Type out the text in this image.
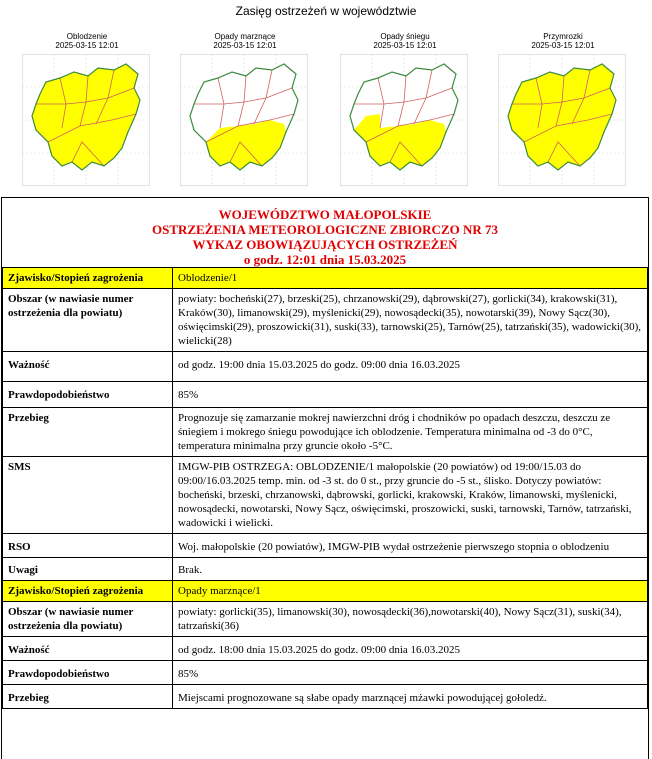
Zasięg ostrzeżeń w województwie
Oblodzenie
2025-03-15 12:01
Opady marznące
2025-03-15 12:01
Opady śniegu
2025-03-15 12:01
Przymrozki
2025-03-15 12:01
WOJEWÓDZTWO MAŁOPOLSKIE
OSTRZEŻENIA METEOROLOGICZNE ZBIORCZO NR 73
WYKAZ OBOWIĄZUJĄCYCH OSTRZEŻEŃ
o godz. 12:01 dnia 15.03.2025
Zjawisko/Stopień zagrożenia	Oblodzenie/1
Obszar (w nawiasie numer ostrzeżenia dla powiatu)	powiaty: bocheński(27), brzeski(25), chrzanowski(29), dąbrowski(27), gorlicki(34), krakowski(31), Kraków(30), limanowski(29), myślenicki(29), nowosądecki(35), nowotarski(39), Nowy Sącz(30), oświęcimski(29), proszowicki(31), suski(33), tarnowski(25), Tarnów(25), tatrzański(35), wadowicki(30), wielicki(28)
Ważność	od godz. 19:00 dnia 15.03.2025 do godz. 09:00 dnia 16.03.2025
Prawdopodobieństwo	85%
Przebieg	Prognozuje się zamarzanie mokrej nawierzchni dróg i chodników po opadach deszczu, deszczu ze śniegiem i mokrego śniegu powodujące ich oblodzenie. Temperatura minimalna od -3 do 0°C, temperatura minimalna przy gruncie około -5°C.
SMS	IMGW-PIB OSTRZEGA: OBLODZENIE/1 małopolskie (20 powiatów) od 19:00/15.03 do 09:00/16.03.2025 temp. min. od -3 st. do 0 st., przy gruncie do -5 st., ślisko. Dotyczy powiatów: bocheński, brzeski, chrzanowski, dąbrowski, gorlicki, krakowski, Kraków, limanowski, myślenicki, nowosądecki, nowotarski, Nowy Sącz, oświęcimski, proszowicki, suski, tarnowski, Tarnów, tatrzański, wadowicki i wielicki.
RSO	Woj. małopolskie (20 powiatów), IMGW-PIB wydał ostrzeżenie pierwszego stopnia o oblodzeniu
Uwagi	Brak.
Zjawisko/Stopień zagrożenia	Opady marznące/1
Obszar (w nawiasie numer ostrzeżenia dla powiatu)	powiaty: gorlicki(35), limanowski(30), nowosądecki(36),nowotarski(40), Nowy Sącz(31), suski(34), tatrzański(36)
Ważność	od godz. 18:00 dnia 15.03.2025 do godz. 09:00 dnia 16.03.2025
Prawdopodobieństwo	85%
Przebieg	Miejscami prognozowane są słabe opady marznącej mżawki powodującej gołoledź.
